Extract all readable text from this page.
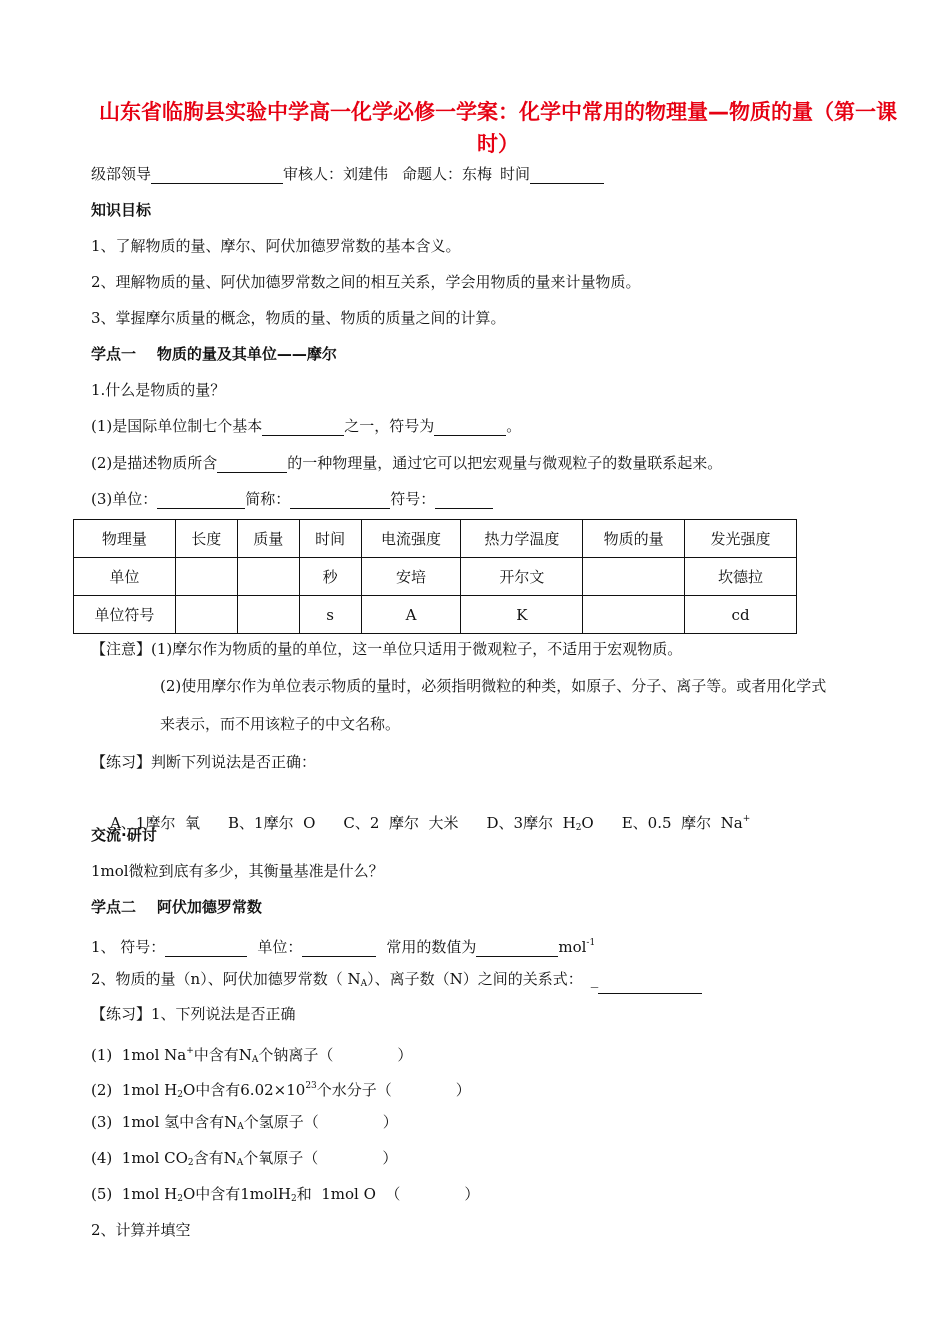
山东省临朐县实验中学高一化学必修一学案：化学中常用的物理量—物质的量（第一课时）
级部领导	审核人：刘建伟 命题人：东梅 时间
知识目标
1、了解物质的量、摩尔、阿伏加德罗常数的基本含义。
2、理解物质的量、阿伏加德罗常数之间的相互关系，学会用物质的量来计量物质。
3、掌握摩尔质量的概念，物质的量、物质的质量之间的计算。
学点一    物质的量及其单位——摩尔
1.什么是物质的量？
(1)是国际单位制七个基本	之一，符号为	。
(2)是描述物质所含	的一种物理量，通过它可以把宏观量与微观粒子的数量联系起来。
(3)单位：	简称：	符号：
物理量	长度	质量	时间	电流强度	热力学温度	物质的量	发光强度
单位			秒	安培	开尔文		坎德拉
单位符号			s	A	K		cd
【注意】(1)摩尔作为物质的量的单位，这一单位只适用于微观粒子，不适用于宏观物质。
(2)使用摩尔作为单位表示物质的量时，必须指明微粒的种类，如原子、分子、离子等。或者用化学式
来表示，而不用该粒子的中文名称。
【练习】判断下列说法是否正确：

A、1摩尔  氧 B、1摩尔  O C、2  摩尔  大米 D、3摩尔  $H_2O$ E、0.5  摩尔  Na+

交流·研讨
1mol微粒到底有多少，其衡量基准是什么？
学点二    阿伏加德罗常数
1、 符号：	单位：	常用的数值为	mol$^{-1}$
2、物质的量（n）、阿伏加德罗常数（ $N_A$）、离子数（N）之间的关系式： _
【练习】1、下列说法是否正确
(1)  1mol Na+中含有$N_A$个钠离子（	）
(2)  1mol $H_2O$中含有$6.02\times 10^{23}$个水分子（	）
(3)  1mol 氢中含有$N_A$个氢原子（	）
(4)  1mol $CO_2$含有$N_A$个氧原子（	）
(5)  1mol $H_2O$中含有1molH$_2$和  1mol O  （	）
2、计算并填空
